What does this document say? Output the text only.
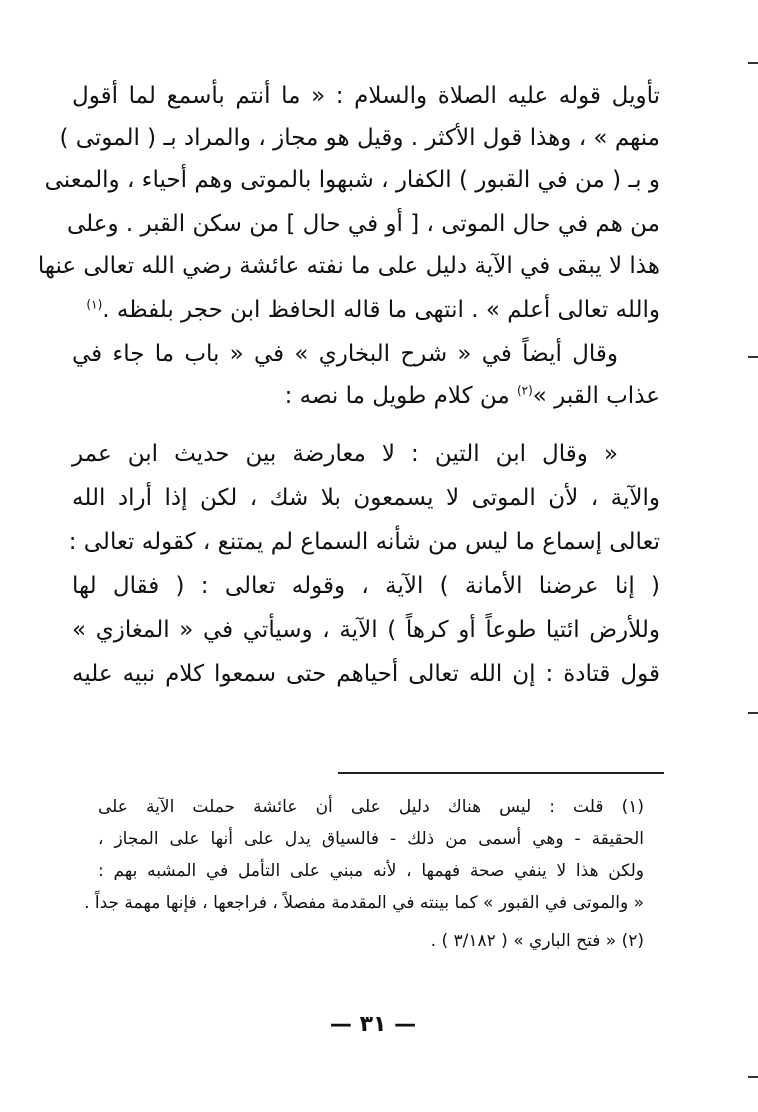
تأويل قوله عليه الصلاة والسلام : « ما أنتم بأسمع لما أقول
منهم » ، وهذا قول الأكثر . وقيل هو مجاز ، والمراد بـ ( الموتى )
و بـ ( من في القبور ) الكفار ، شبهوا بالموتى وهم أحياء ، والمعنى
من هم في حال الموتى ، [ أو في حال ] من سكن القبر . وعلى
هذا لا يبقى في الآية دليل على ما نفته عائشة رضي الله تعالى عنها
والله تعالى أعلم » . انتهى ما قاله الحافظ ابن حجر بلفظه .$^{(١)}$
وقال أيضاً في « شرح البخاري » في « باب ما جاء في
عذاب القبر »$^{(٢)}$ من كلام طويل ما نصه :
« وقال ابن التين : لا معارضة بين حديث ابن عمر
والآية ، لأن الموتى لا يسمعون بلا شك ، لكن إذا أراد الله
تعالى إسماع ما ليس من شأنه السماع لم يمتنع ، كقوله تعالى :
( إنا عرضنا الأمانة ) الآية ، وقوله تعالى : ( فقال لها
وللأرض ائتيا طوعاً أو كرهاً ) الآية ، وسيأتي في « المغازي »
قول قتادة : إن الله تعالى أحياهم حتى سمعوا كلام نبيه عليه
(١) قلت : ليس هناك دليل على أن عائشة حملت الآية على
الحقيقة - وهي أسمى من ذلك - فالسياق يدل على أنها على المجاز ،
ولكن هذا لا ينفي صحة فهمها ، لأنه مبني على التأمل في المشبه بهم :
« والموتى في القبور » كما بينته في المقدمة مفصلاً ، فراجعها ، فإنها مهمة جداً .
(٢) « فتح الباري » ( ٣/١٨٢ ) .
— ٣١ —
